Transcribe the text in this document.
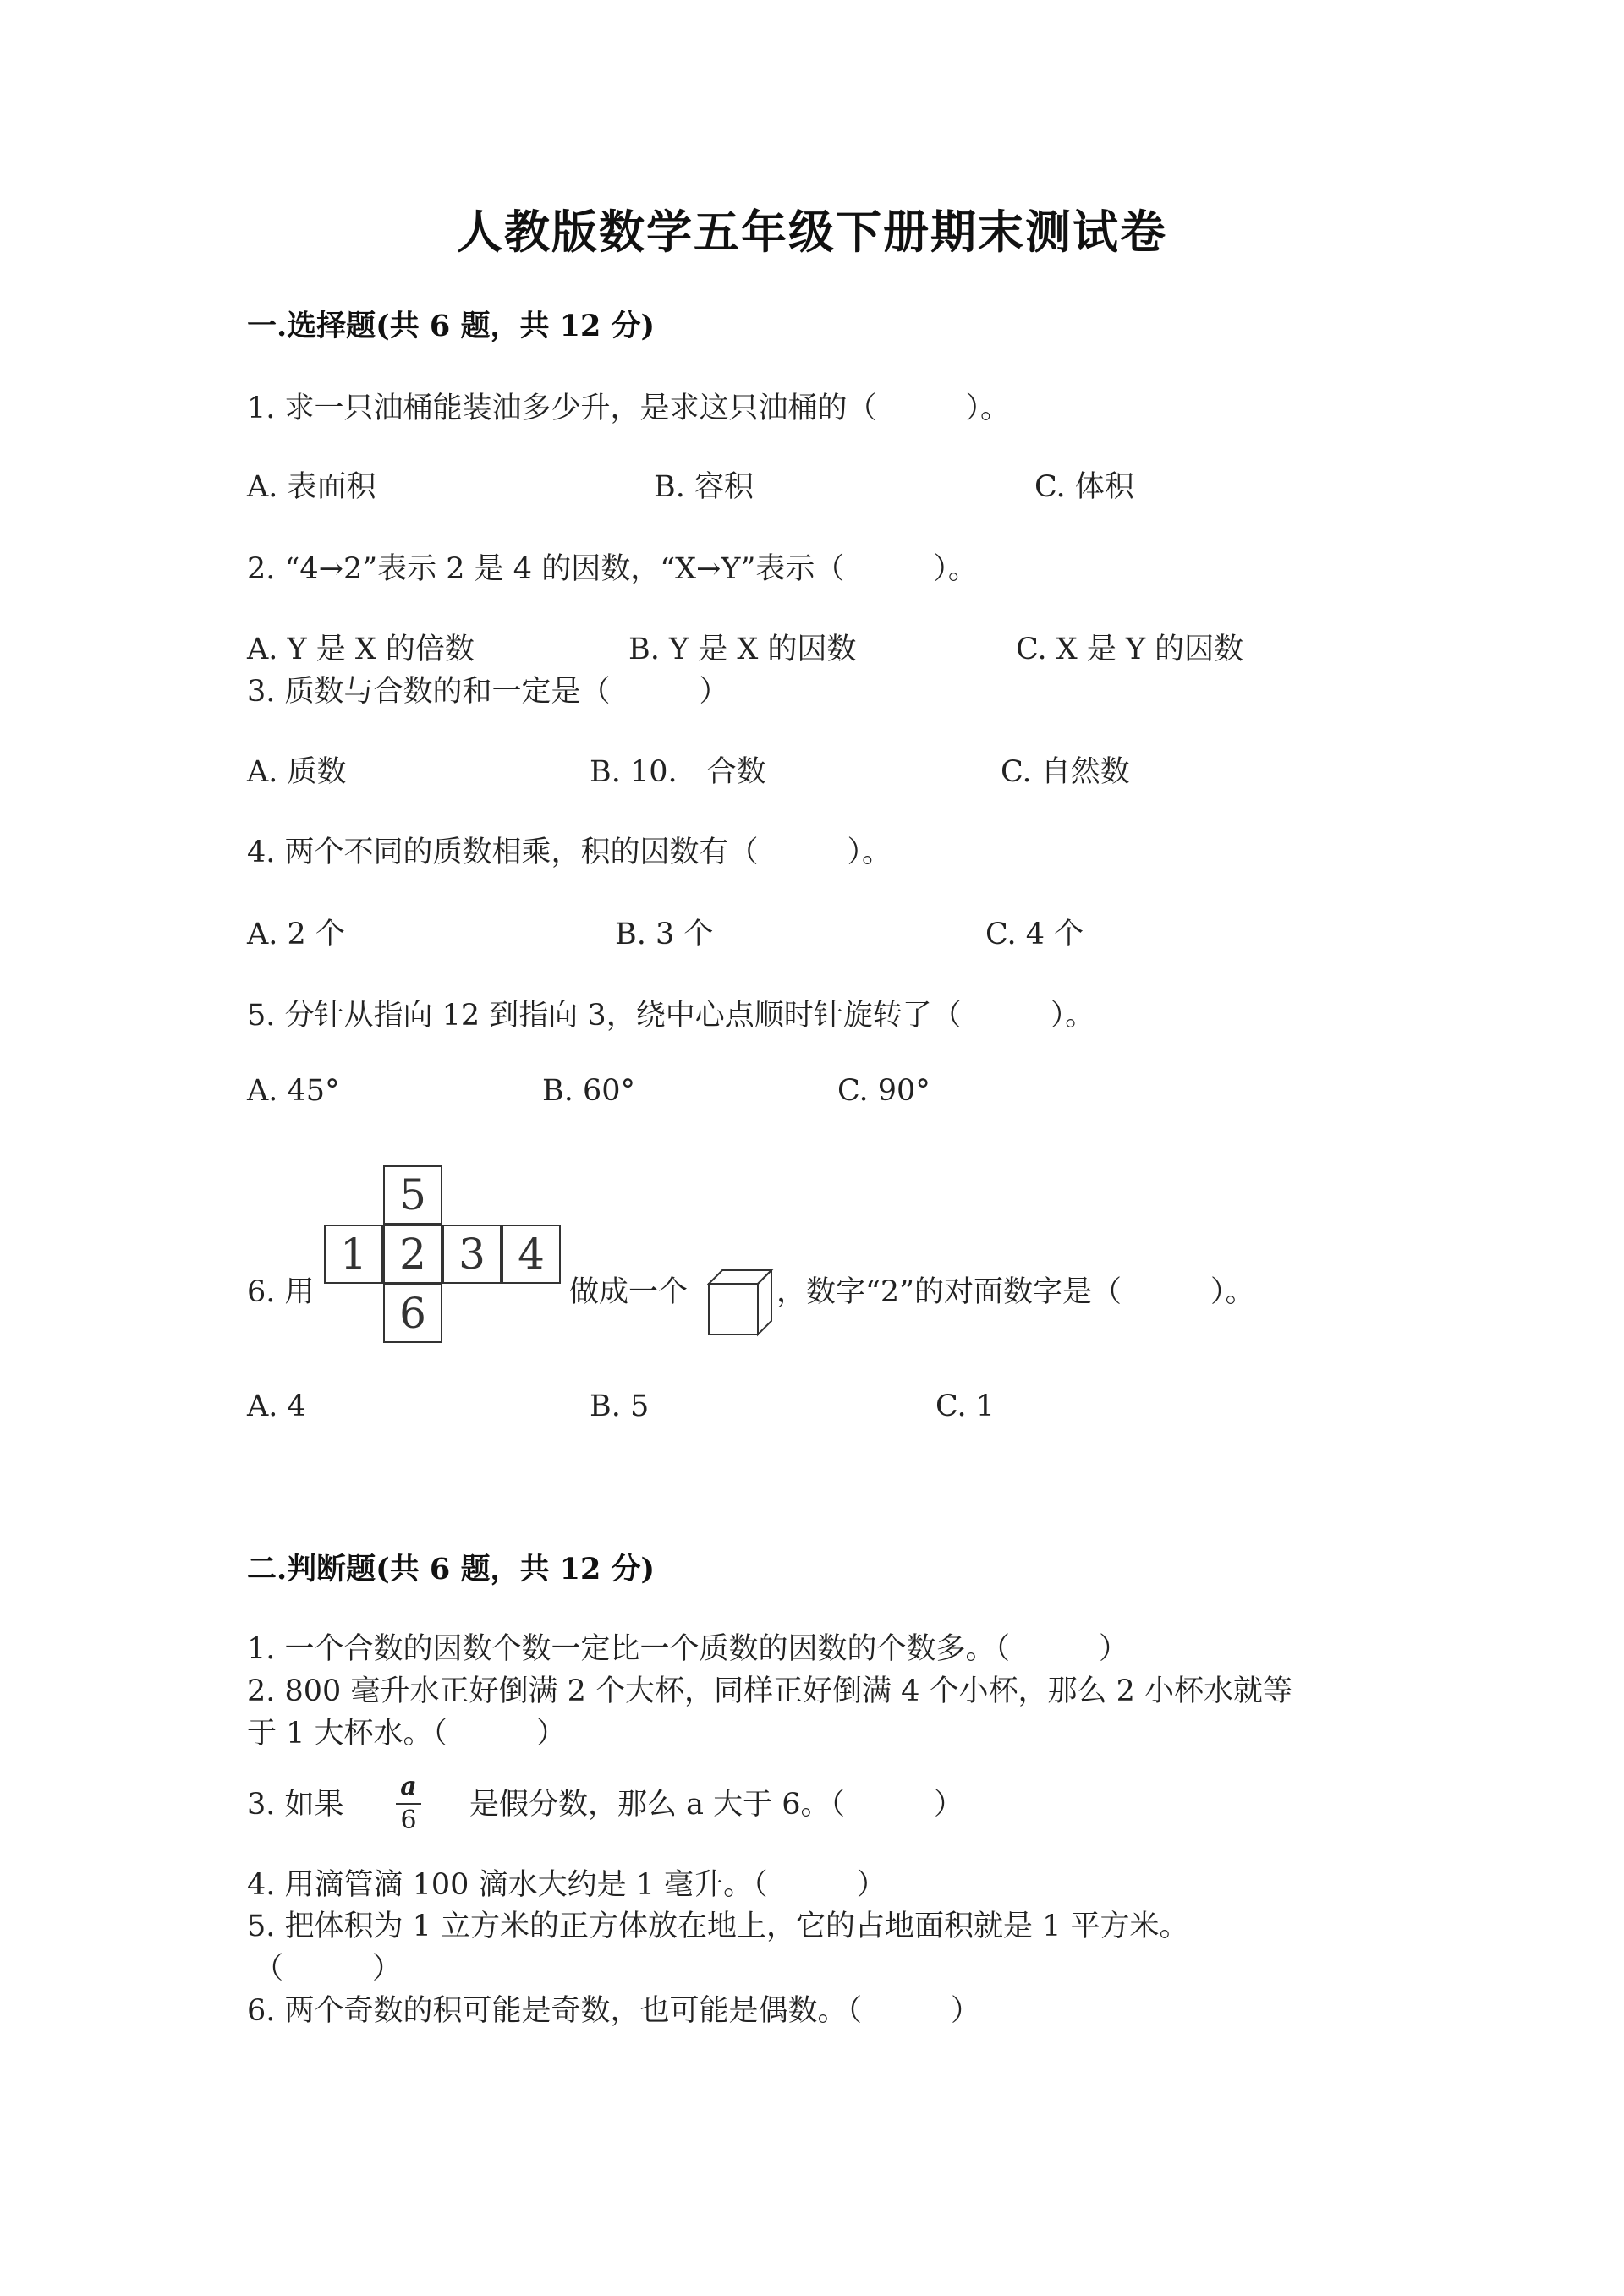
人教版数学五年级下册期末测试卷
一.选择题(共 6 题，共 12 分)
1. 求一只油桶能装油多少升，是求这只油桶的（　　　）。
A. 表面积	B. 容积	C. 体积
2. “4→2”表示 2 是 4 的因数，“X→Y”表示（　　　）。
A. Y 是 X 的倍数	B. Y 是 X 的因数	C. X 是 Y 的因数
3. 质数与合数的和一定是（　　　）
A. 质数	B. 10.　合数	C. 自然数
4. 两个不同的质数相乘，积的因数有（　　　）。
A. 2 个	B. 3 个	C. 4 个
5. 分针从指向 12 到指向 3，绕中心点顺时针旋转了（　　　）。
A. 45°	B. 60°	C. 90°
6. 用
5
1 2 3 4
6	做成一个	，数字“2”的对面数字是（　　　）。
A. 4	B. 5	C. 1
二.判断题(共 6 题，共 12 分)
1. 一个合数的因数个数一定比一个质数的因数的个数多。（　　　）
2. 800 毫升水正好倒满 2 个大杯，同样正好倒满 4 个小杯，那么 2 小杯水就等
于 1 大杯水。（　　　）
3. 如果
a
6 是假分数，那么 a 大于 6。（　　　）
4. 用滴管滴 100 滴水大约是 1 毫升。（　　　）
5. 把体积为 1 立方米的正方体放在地上，它的占地面积就是 1 平方米。
（　　　）
6. 两个奇数的积可能是奇数，也可能是偶数。（　　　）
